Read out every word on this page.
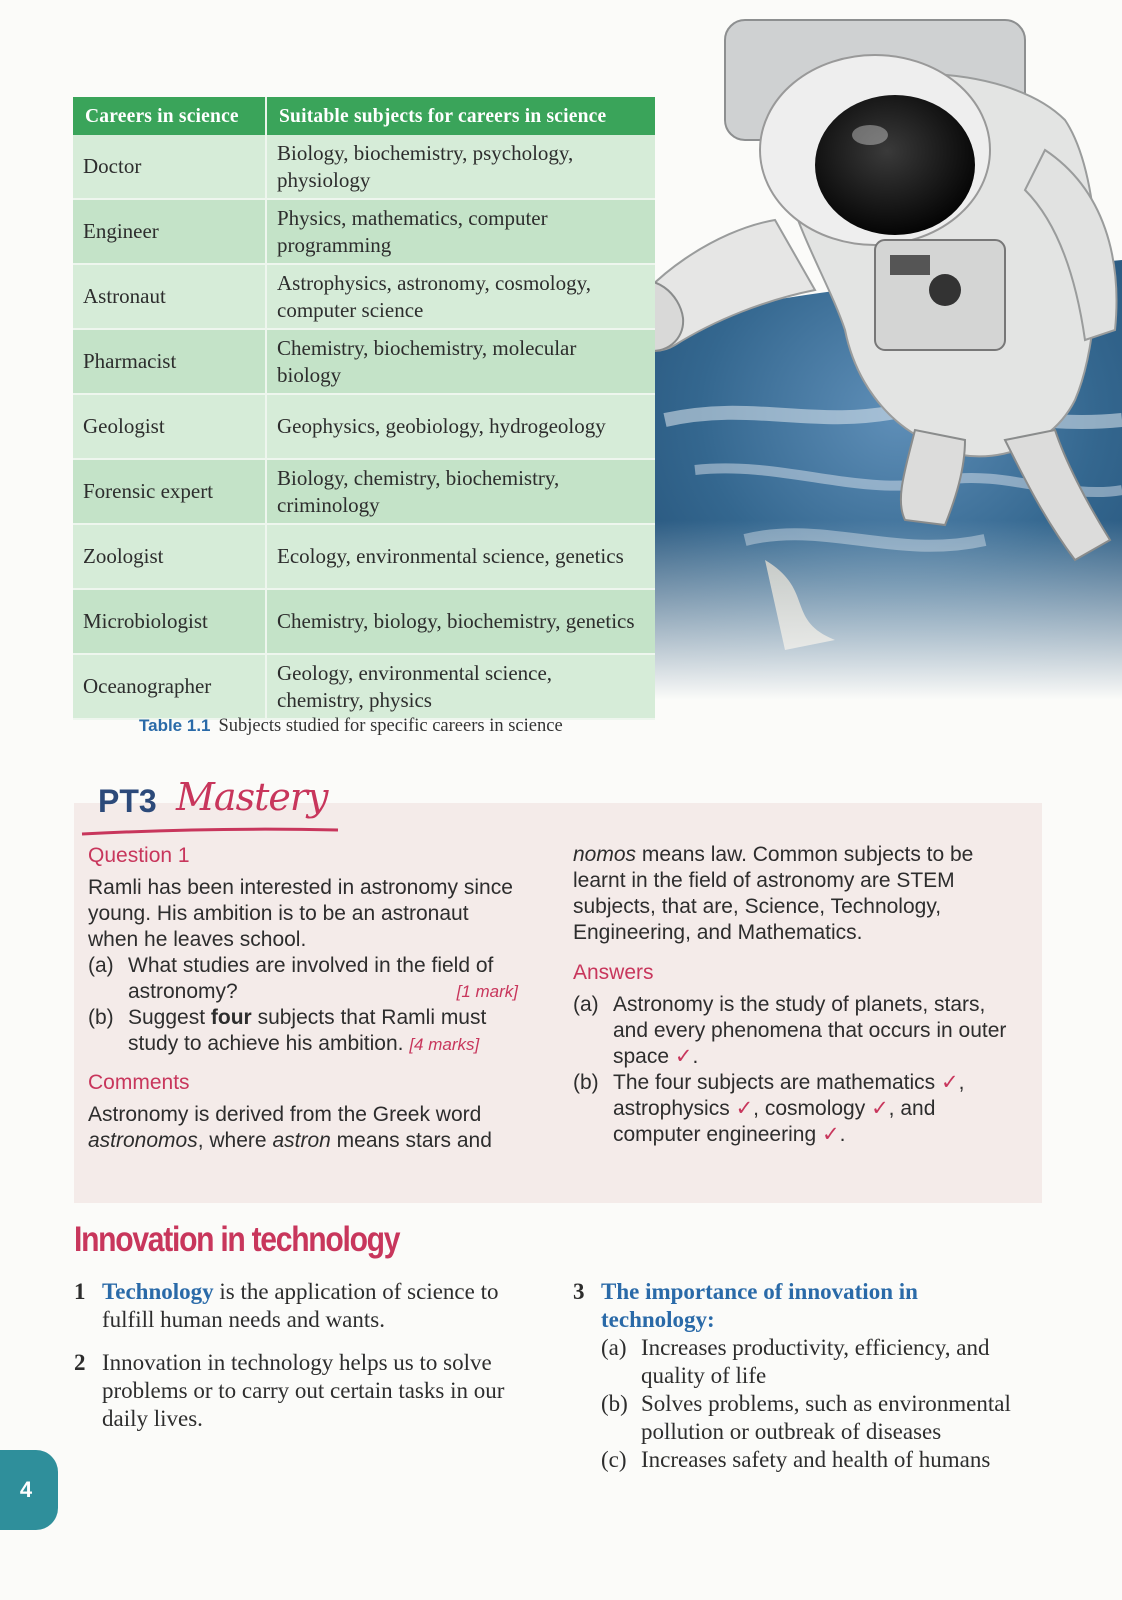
Careers in science	Suitable subjects for careers in science
Doctor	Biology, biochemistry, psychology, physiology
Engineer	Physics, mathematics, computer programming
Astronaut	Astrophysics, astronomy, cosmology, computer science
Pharmacist	Chemistry, biochemistry, molecular biology
Geologist	Geophysics, geobiology, hydrogeology
Forensic expert	Biology, chemistry, biochemistry, criminology
Zoologist	Ecology, environmental science, genetics
Microbiologist	Chemistry, biology, biochemistry, genetics
Oceanographer	Geology, environmental science, chemistry, physics
Table 1.1 Subjects studied for specific careers in science
PT3 Mastery

Question 1

Ramli has been interested in astronomy since young. His ambition is to be an astronaut when he leaves school.

(a) What studies are involved in the field of astronomy?	[1 mark]
(b) Suggest four subjects that Ramli must study to achieve his ambition. [4 marks]

Comments

Astronomy is derived from the Greek word astronomos, where astron means stars and

nomos means law. Common subjects to be learnt in the field of astronomy are STEM subjects, that are, Science, Technology, Engineering, and Mathematics.

Answers

(a) Astronomy is the study of planets, stars, and every phenomena that occurs in outer space ✓.
(b) The four subjects are mathematics ✓, astrophysics ✓, cosmology ✓, and computer engineering ✓.
Innovation in technology
1 Technology is the application of science to fulfill human needs and wants.
2 Innovation in technology helps us to solve problems or to carry out certain tasks in our daily lives.
3 The importance of innovation in technology:
(a) Increases productivity, efficiency, and quality of life
(b) Solves problems, such as environmental pollution or outbreak of diseases
(c) Increases safety and health of humans
4
